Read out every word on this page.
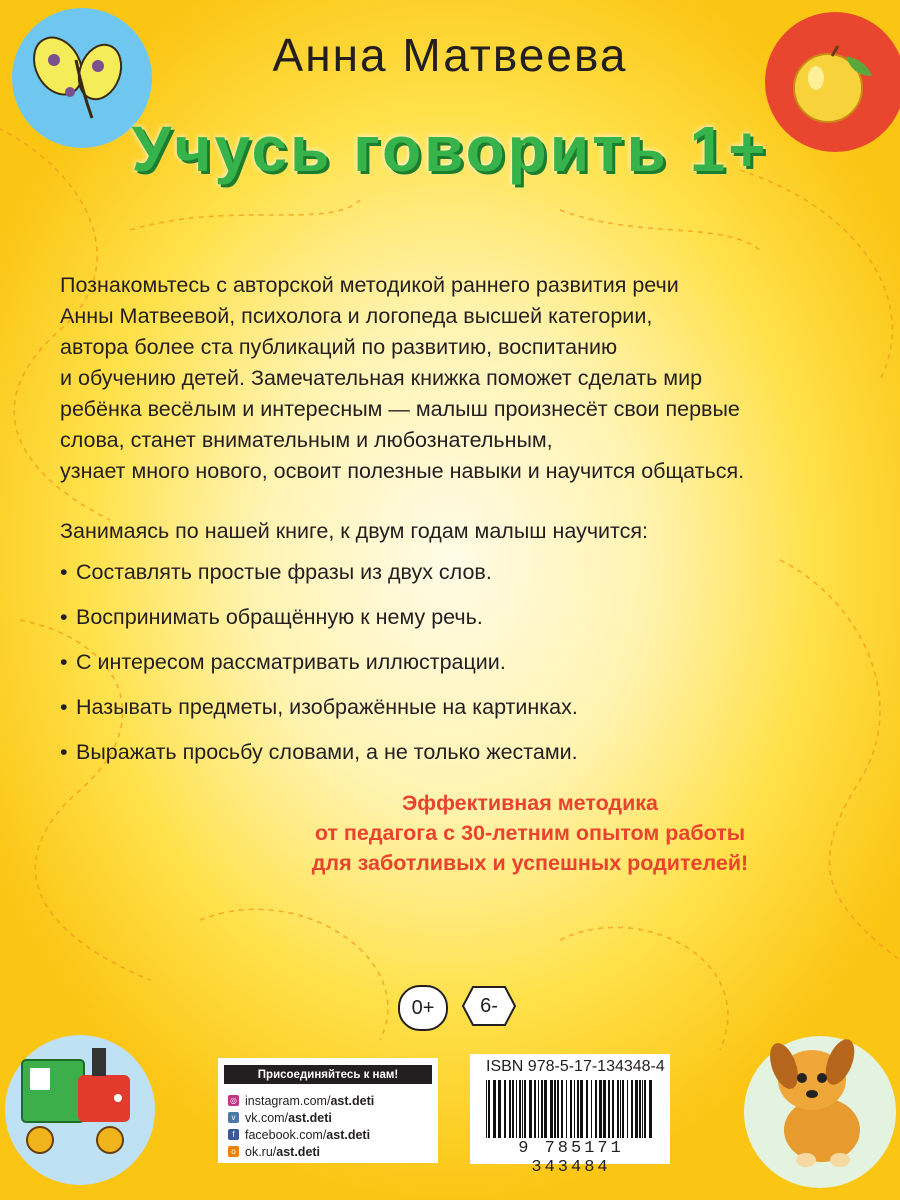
Анна Матвеева
Учусь говорить 1+

Познакомьтесь с авторской методикой раннего развития речи
Анны Матвеевой, психолога и логопеда высшей категории,
автора более ста публикаций по развитию, воспитанию
и обучению детей. Замечательная книжка поможет сделать мир
ребёнка весёлым и интересным — малыш произнесёт свои первые
слова, станет внимательным и любознательным,
узнает много нового, освоит полезные навыки и научится общаться.

Занимаясь по нашей книге, к двум годам малыш научится:

• Составлять простые фразы из двух слов.
• Воспринимать обращённую к нему речь.
• С интересом рассматривать иллюстрации.
• Называть предметы, изображённые на картинках.
• Выражать просьбу словами, а не только жестами.

Эффективная методика
от педагога с 30-летним опытом работы
для заботливых и успешных родителей!

0+ 6-
Присоединяйтесь к нам!
◎ instagram.com/ ast.deti
v vk.com/ ast.deti
f facebook.com/ ast.deti
o ok.ru/ ast.deti
ISBN 978-5-17-134348-4
9 785171 343484
